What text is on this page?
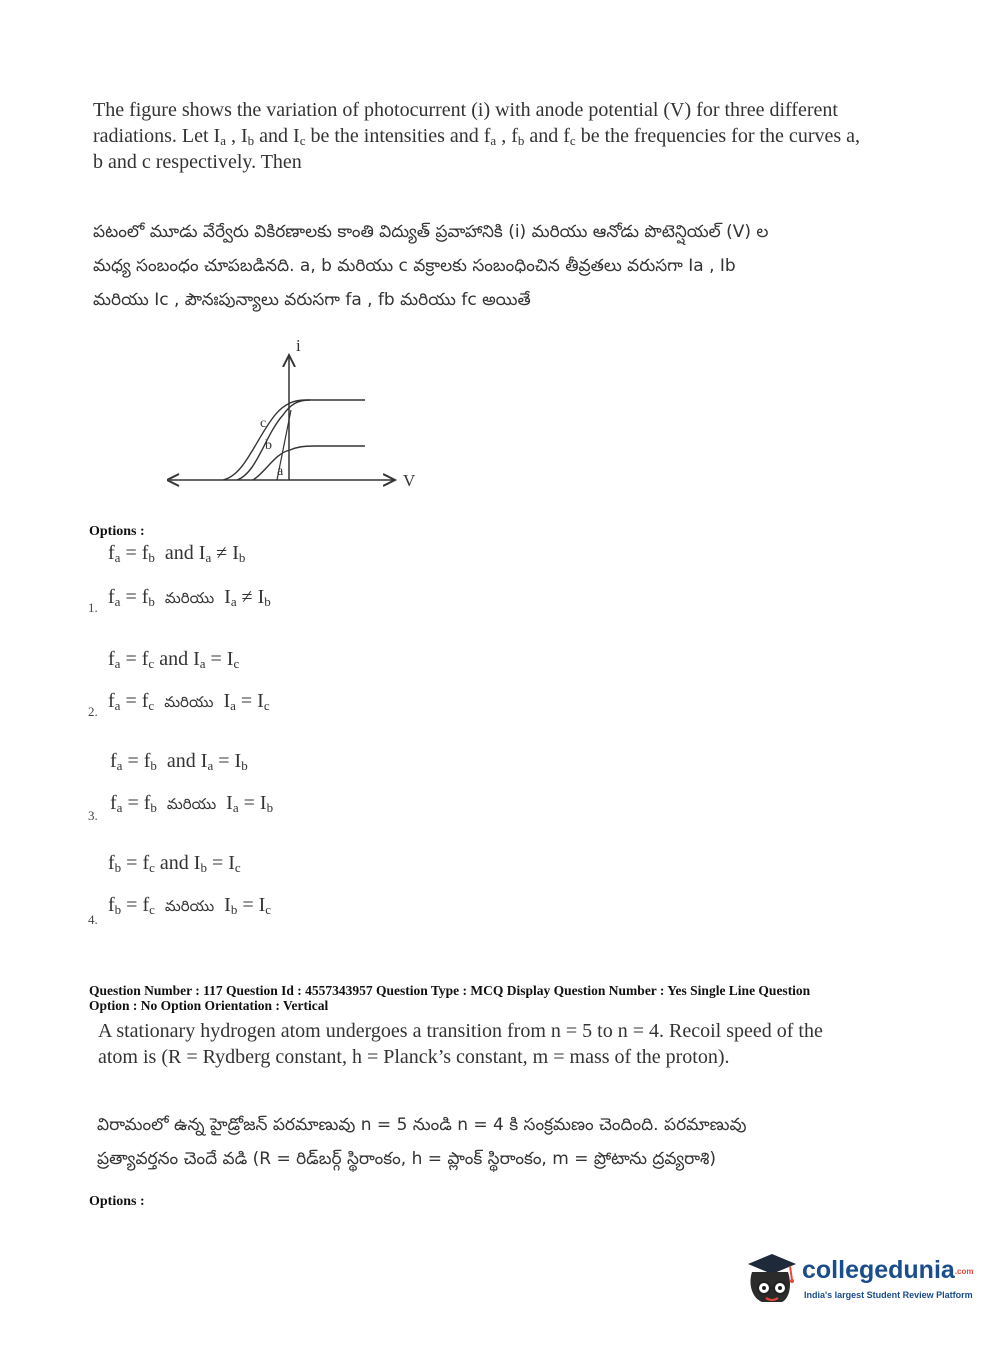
The figure shows the variation of photocurrent (i) with anode potential (V) for three different radiations. Let $I_a$ , $I_b$ and $I_c$ be the intensities and $f_a$ , $f_b$ and $f_c$ be the frequencies for the curves a, b and c respectively. Then
పటంలో మూడు వేర్వేరు వికిరణాలకు కాంతి విద్యుత్ ప్రవాహానికి (i) మరియు ఆనోడు పొటెన్షియల్ (V) ల
మధ్య సంబంధం చూపబడినది. a, b మరియు c వక్రాలకు సంబంధించిన తీవ్రతలు వరుసగా Ia , Ib
మరియు Ic , పౌనఃపున్యాలు వరుసగా fa , fb మరియు fc అయితే
i
V
c
b
a
Options :
$f_a = f_b$  and $I_a \ne I_b$
1. $f_a = f_b$ మరియు  $I_a \ne I_b$
$f_a = f_c$ and $I_a = I_c$
2. $f_a = f_c$ మరియు  $I_a = I_c$
$f_a = f_b$  and $I_a = I_b$
3.
$f_a = f_b$ మరియు  $I_a = I_b$
$f_b = f_c$ and $I_b = I_c$
4.
$f_b = f_c$ మరియు  $I_b = I_c$
Question Number : 117 Question Id : 4557343957 Question Type : MCQ Display Question Number : Yes Single Line Question
Option : No Option Orientation : Vertical
A stationary hydrogen atom undergoes a transition from n = 5 to n = 4. Recoil speed of the
atom is (R = Rydberg constant, h = Planck’s constant, m = mass of the proton).
విరామంలో ఉన్న హైడ్రోజన్ పరమాణువు n = 5 నుండి n = 4 కి సంక్రమణం చెందింది. పరమాణువు
ప్రత్యావర్తనం చెందే వడి (R = రిడ్‌బర్గ్ స్థిరాంకం, h = ప్లాంక్ స్థిరాంకం, m = ప్రోటాను ద్రవ్యరాశి)
Options :
collegedunia.com
India's largest Student Review Platform
